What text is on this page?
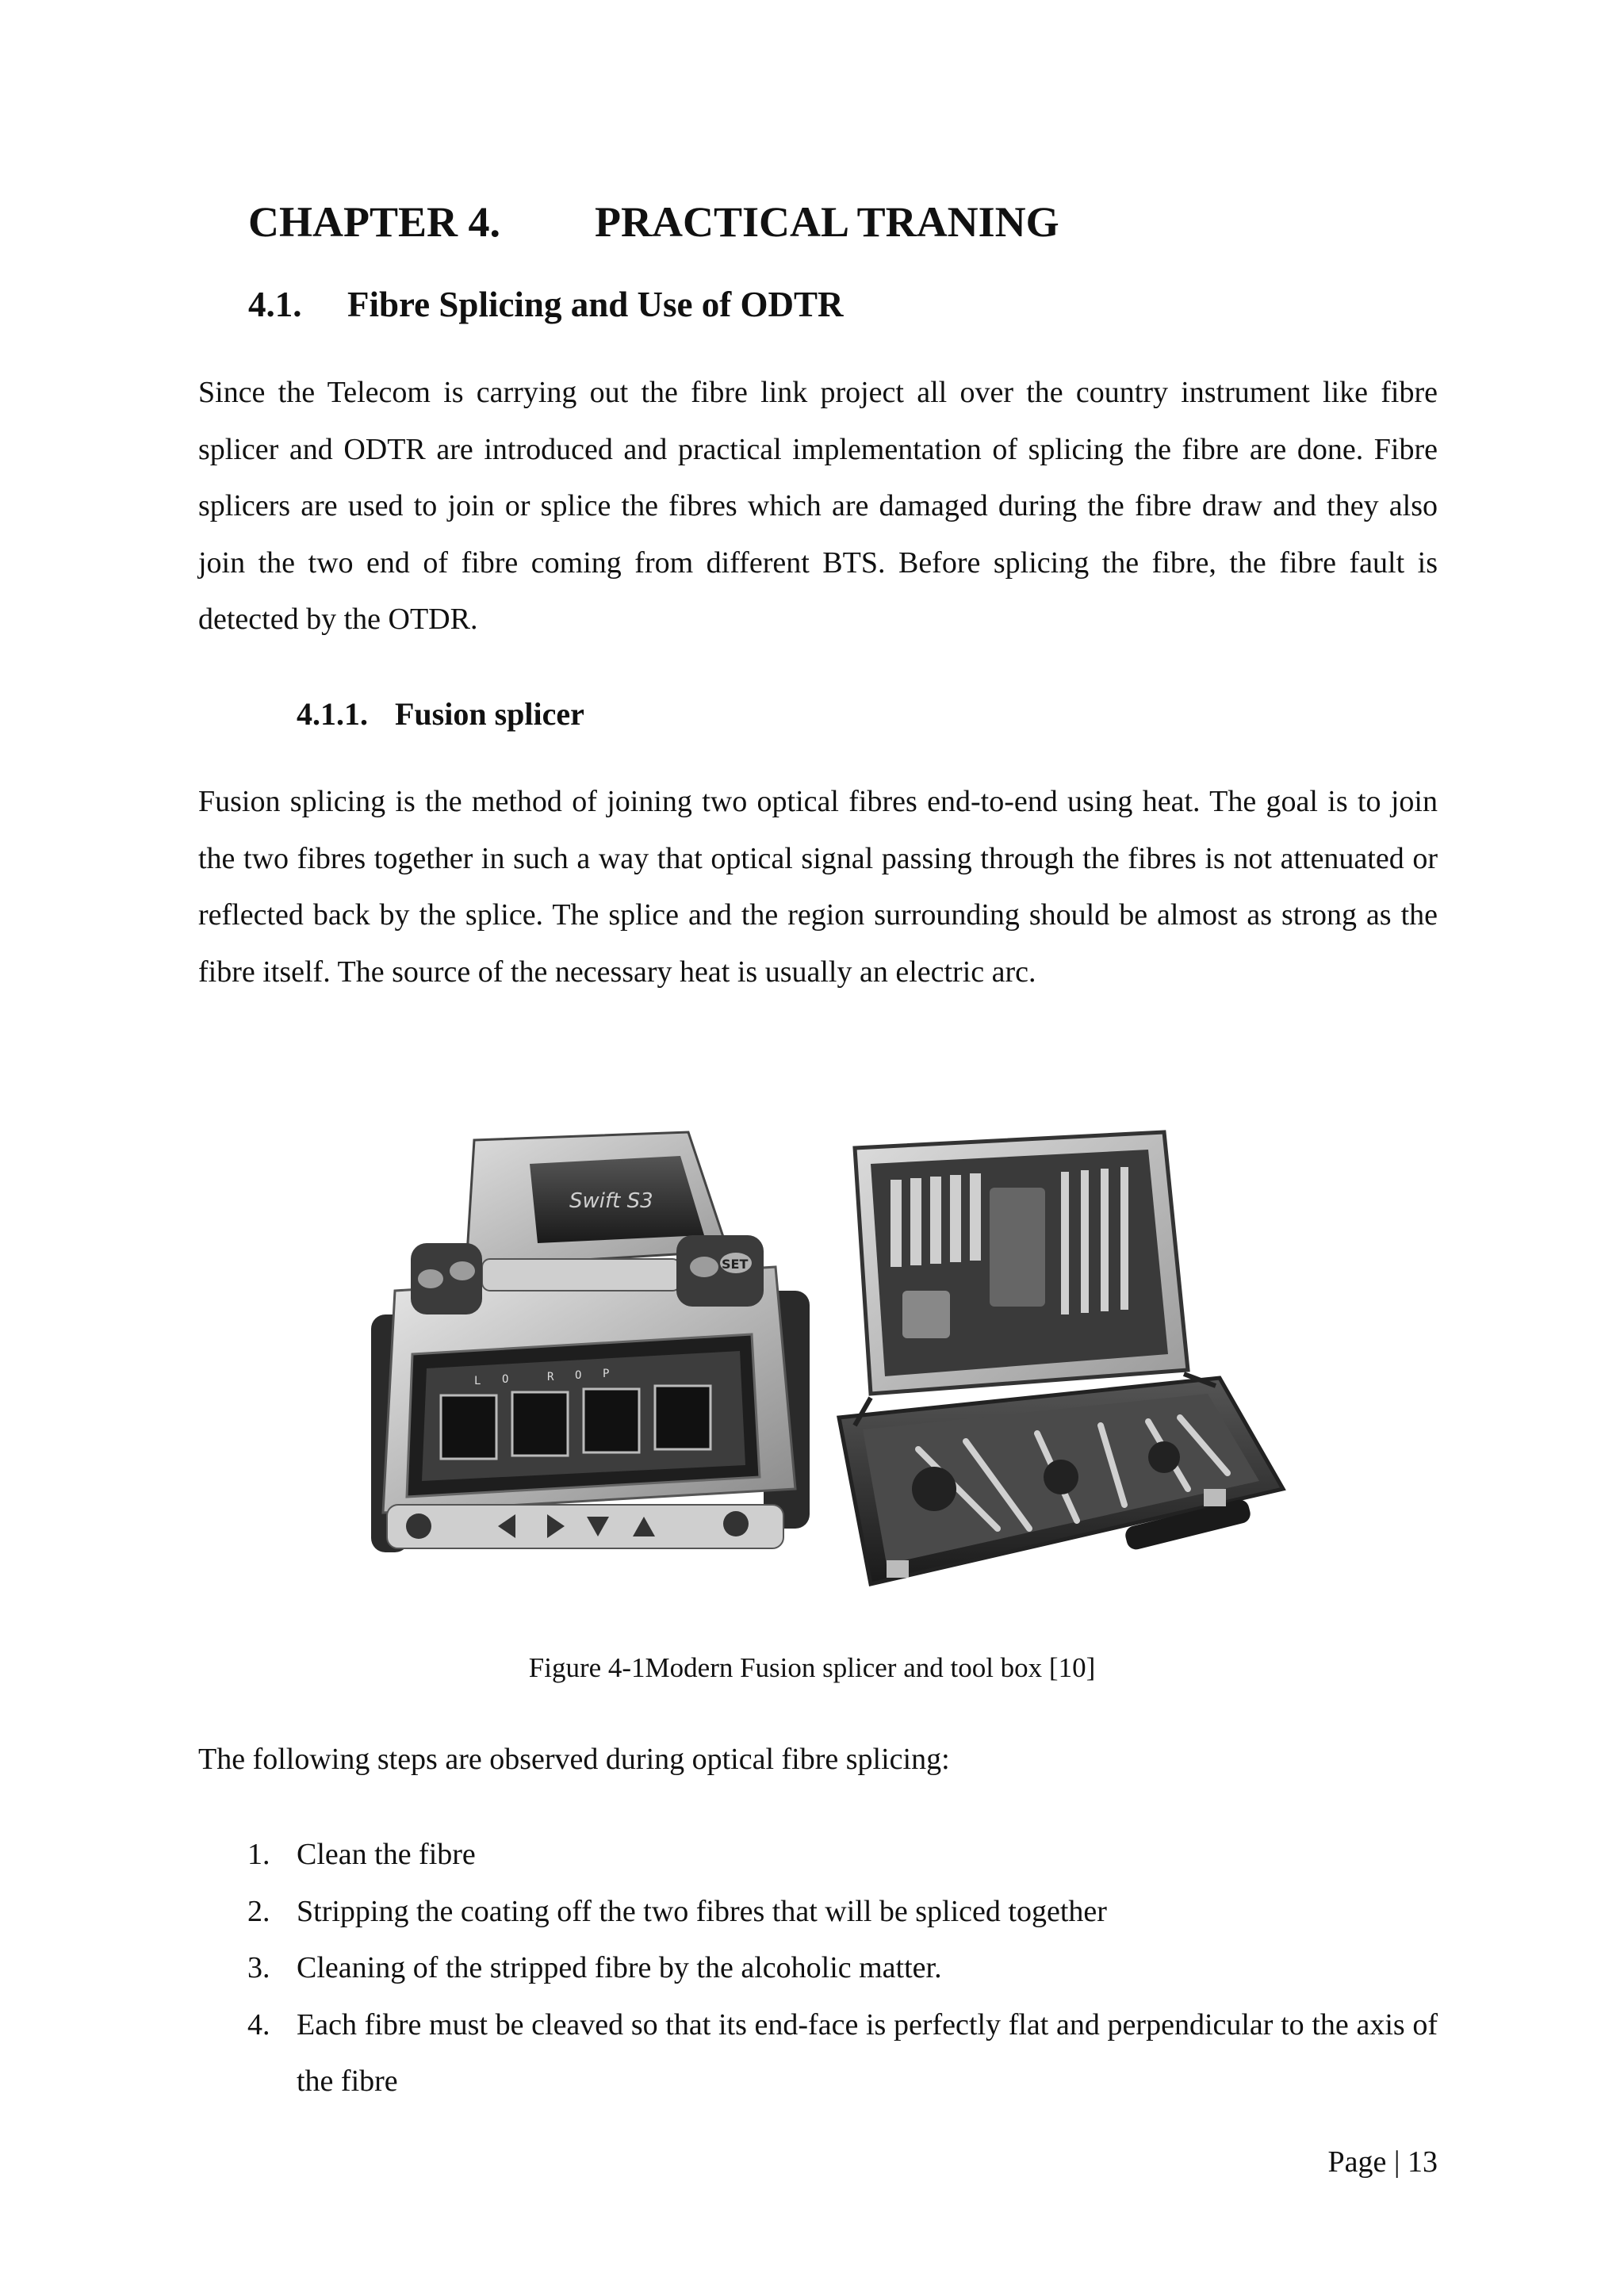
CHAPTER 4. PRACTICAL TRANING
4.1. Fibre Splicing and Use of ODTR

Since the Telecom is carrying out the fibre link project all over the country instrument like fibre splicer and ODTR are introduced and practical implementation of splicing the fibre are done. Fibre splicers are used to join or splice the fibres which are damaged during the fibre draw and they also join the two end of fibre coming from different BTS. Before splicing the fibre, the fibre fault is detected by the OTDR.

4.1.1. Fusion splicer

Fusion splicing is the method of joining two optical fibres end-to-end using heat. The goal is to join the two fibres together in such a way that optical signal passing through the fibres is not attenuated or reflected back by the splice. The splice and the region surrounding should be almost as strong as the fibre itself. The source of the necessary heat is usually an electric arc.

Swift S3
SET
L O	R O P

Figure 4-1Modern Fusion splicer and tool box [10]

The following steps are observed during optical fibre splicing:

1. Clean the fibre
2. Stripping the coating off the two fibres that will be spliced together
3. Cleaning of the stripped fibre by the alcoholic matter.
4. Each fibre must be cleaved so that its end-face is perfectly flat and perpendicular to the axis of the fibre

Page | 13
